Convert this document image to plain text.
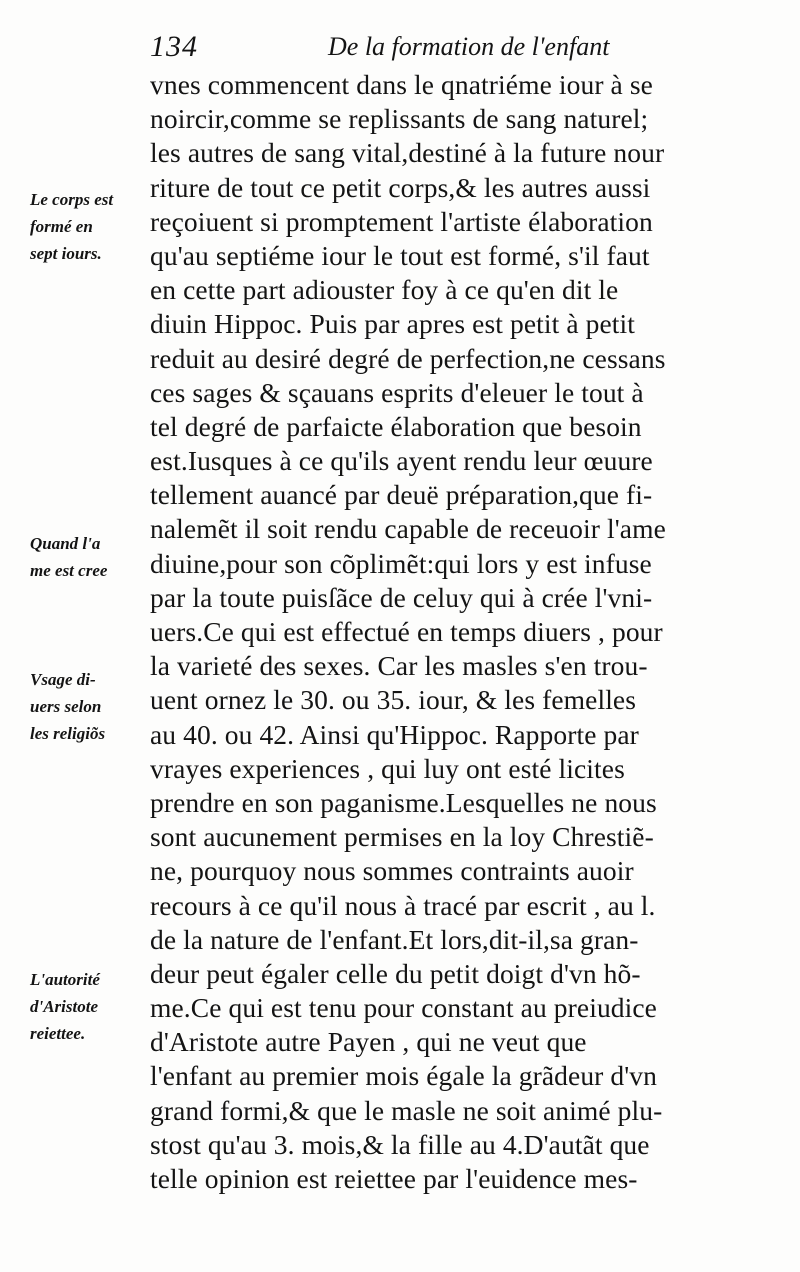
134	De la formation de l'enfant
vnes commencent dans le qnatriéme iour à se
noircir,comme se replissants de sang naturel;
les autres de sang vital,destiné à la future nour
riture de tout ce petit corps,& les autres aussi
reçoiuent si promptement l'artiste élaboration
qu'au septiéme iour le tout est formé, s'il faut
en cette part adiouster foy à ce qu'en dit le
diuin Hippoc. Puis par apres est petit à petit
reduit au desiré degré de perfection,ne cessans
ces sages & sçauans esprits d'eleuer le tout à
tel degré de parfaicte élaboration que besoin
est.Iusques à ce qu'ils ayent rendu leur œuure
tellement auancé par deuë préparation,que fi-
nalemẽt il soit rendu capable de receuoir l'ame
diuine,pour son cõplimẽt:qui lors y est infuse
par la toute puisſãce de celuy qui à crée l'vni-
uers.Ce qui est effectué en temps diuers , pour
la varieté des sexes. Car les masles s'en trou-
uent ornez le 30. ou 35. iour, & les femelles
au 40. ou 42. Ainsi qu'Hippoc. Rapporte par
vrayes experiences , qui luy ont esté licites
prendre en son paganisme.Lesquelles ne nous
sont aucunement permises en la loy Chrestiẽ-
ne, pourquoy nous sommes contraints auoir
recours à ce qu'il nous à tracé par escrit , au l.
de la nature de l'enfant.Et lors,dit-il,sa gran-
deur peut égaler celle du petit doigt d'vn hõ-
me.Ce qui est tenu pour constant au preiudice
d'Aristote autre Payen , qui ne veut que
l'enfant au premier mois égale la grãdeur d'vn
grand formi,& que le masle ne soit animé plu-
stost qu'au 3. mois,& la fille au 4.D'autãt que
telle opinion est reiettee par l'euidence mes-
Le corps est
formé en
sept iours.
Quand l'a
me est cree
Vsage di-
uers selon
les religiõs
L'autorité
d'Aristote
reiettee.
